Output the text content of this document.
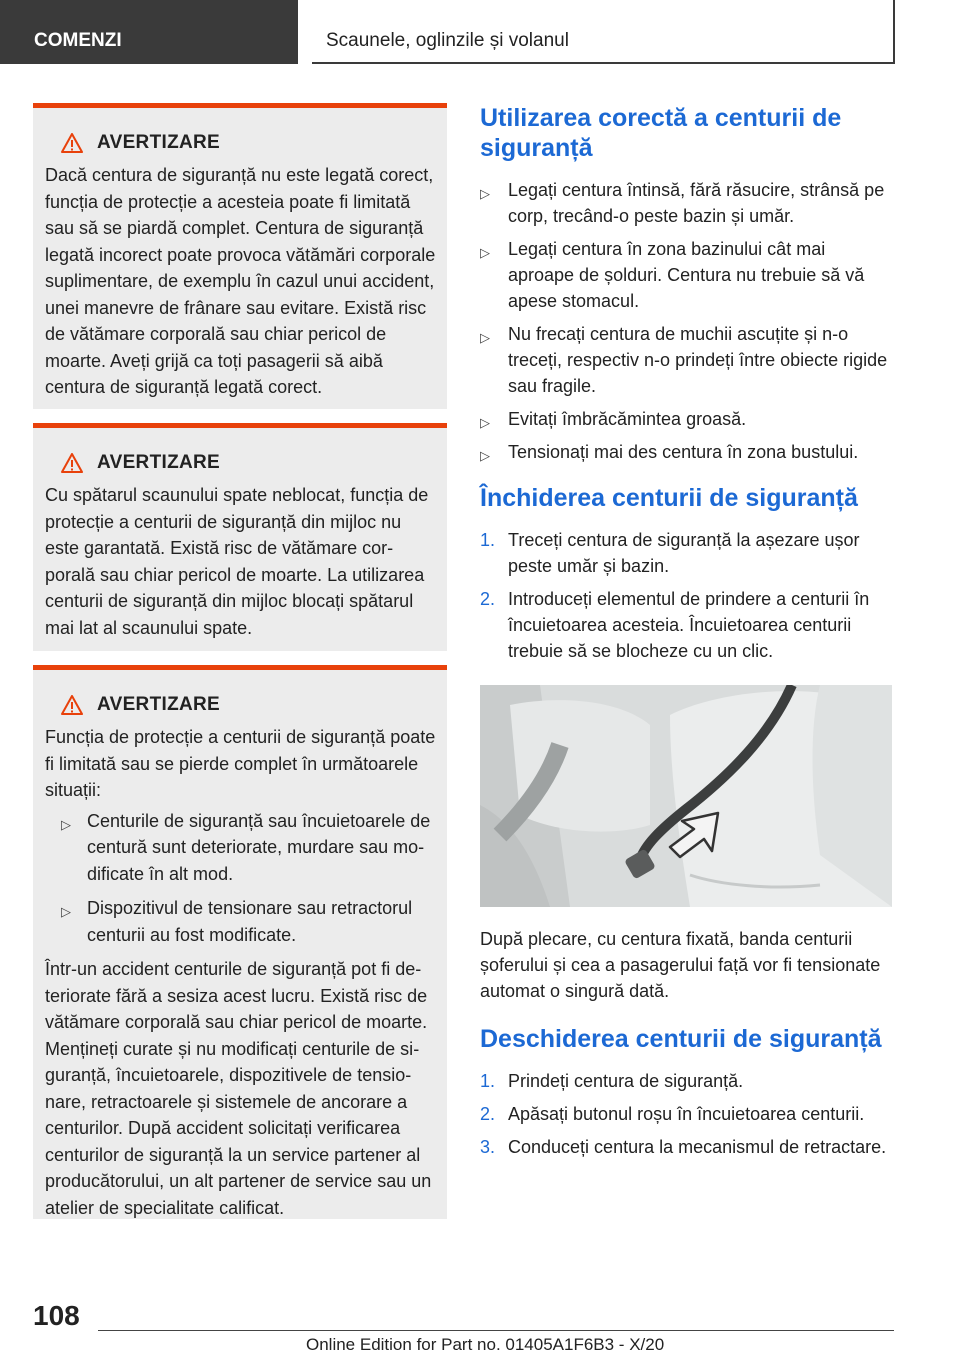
COMENZI	Scaunele, oglinzile și volanul
AVERTIZARE

Dacă centura de siguranță nu este legată corect, funcția de protecție a acesteia poate fi limitată sau să se piardă complet. Centura de siguranță legată incorect poate provoca vătămări corporale suplimentare, de exemplu în cazul unui accident, unei manevre de frânare sau evitare. Există risc de vătămare corporală sau chiar pericol de moarte. Aveți grijă ca toți pasagerii să aibă centura de siguranță legată corect.

AVERTIZARE

Cu spătarul scaunului spate neblocat, funcția de protecție a centurii de siguranță din mijloc nu este garantată. Există risc de vătămare corporală sau chiar pericol de moarte. La utilizarea centurii de siguranță din mijloc blocați spătarul mai lat al scaunului spate.

AVERTIZARE

Funcția de protecție a centurii de siguranță poate fi limitată sau se pierde complet în următoarele situații:

▷ Centurile de siguranță sau încuietoarele de centură sunt deteriorate, murdare sau modificate în alt mod.
▷ Dispozitivul de tensionare sau retractorul centurii au fost modificate.

Într-un accident centurile de siguranță pot fi deteriorate fără a sesiza acest lucru. Există risc de vătămare corporală sau chiar pericol de moarte. Mențineți curate și nu modificați centurile de siguranță, încuietoarele, dispozitivele de tensionare, retractoarele și sistemele de ancorare a centurilor. După accident solicitați verificarea centurilor de siguranță la un service partener al producătorului, un alt partener de service sau un atelier de specialitate calificat.

Utilizarea corectă a centurii de siguranță
▷ Legați centura întinsă, fără răsucire, strânsă pe corp, trecând-o peste bazin și umăr.
▷ Legați centura în zona bazinului cât mai aproape de șolduri. Centura nu trebuie să vă apese stomacul.
▷ Nu frecați centura de muchii ascuțite și n-o treceți, respectiv n-o prindeți între obiecte rigide sau fragile.
▷ Evitați îmbrăcămintea groasă.
▷ Tensionați mai des centura în zona bustului.
Închiderea centurii de siguranță
1. Treceți centura de siguranță la așezare ușor peste umăr și bazin.
2. Introduceți elementul de prindere a centurii în încuietoarea acesteia. Încuietoarea centurii trebuie să se blocheze cu un clic.

După plecare, cu centura fixată, banda centurii șoferului și cea a pasagerului față vor fi tensionate automat o singură dată.

Deschiderea centurii de siguranță
1. Prindeți centura de siguranță.
2. Apăsați butonul roșu în încuietoarea centurii.
3. Conduceți centura la mecanismul de retractare.
108
Online Edition for Part no. 01405A1F6B3 - X/20
